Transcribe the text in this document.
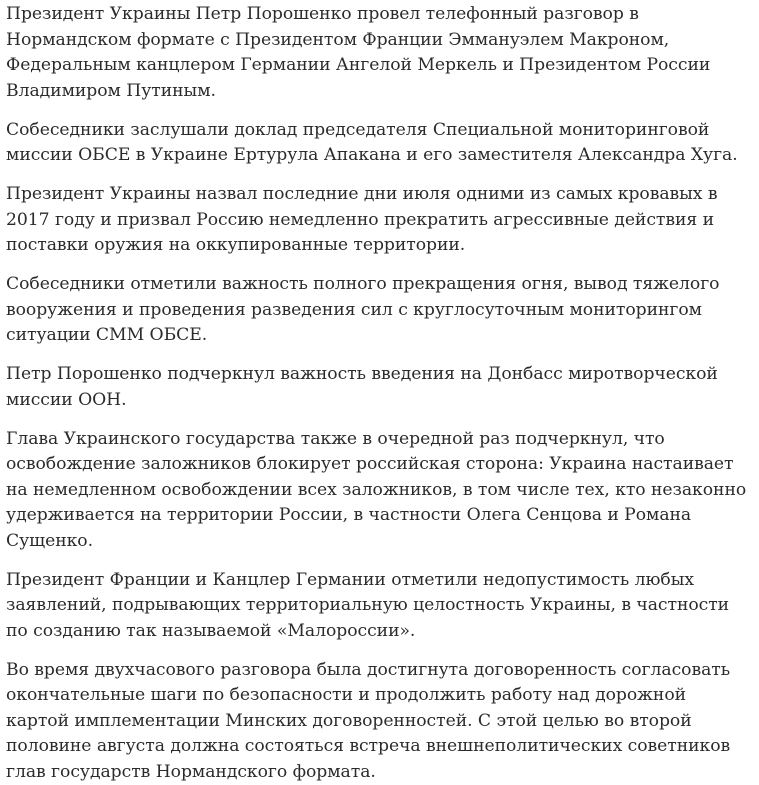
Президент Украины Петр Порошенко провел телефонный разговор в Нормандском формате с Президентом Франции Эммануэлем Макроном, Федеральным канцлером Германии Ангелой Меркель и Президентом России Владимиром Путиным.

Собеседники заслушали доклад председателя Специальной мониторинговой миссии ОБСЕ в Украине Ертурула Апакана и его заместителя Александра Хуга.

Президент Украины назвал последние дни июля одними из самых кровавых в 2017 году и призвал Россию немедленно прекратить агрессивные действия и поставки оружия на оккупированные территории.

Собеседники отметили важность полного прекращения огня, вывод тяжелого вооружения и проведения разведения сил с круглосуточным мониторингом ситуации СММ ОБСЕ.

Петр Порошенко подчеркнул важность введения на Донбасс миротворческой миссии ООН.

Глава Украинского государства также в очередной раз подчеркнул, что освобождение заложников блокирует российская сторона: Украина настаивает на немедленном освобождении всех заложников, в том числе тех, кто незаконно удерживается на территории России, в частности Олега Сенцова и Романа Сущенко.

Президент Франции и Канцлер Германии отметили недопустимость любых заявлений, подрывающих территориальную целостность Украины, в частности по созданию так называемой «Малороссии».

Во время двухчасового разговора была достигнута договоренность согласовать окончательные шаги по безопасности и продолжить работу над дорожной картой имплементации Минских договоренностей. С этой целью во второй половине августа должна состояться встреча внешнеполитических советников глав государств Нормандского формата.
